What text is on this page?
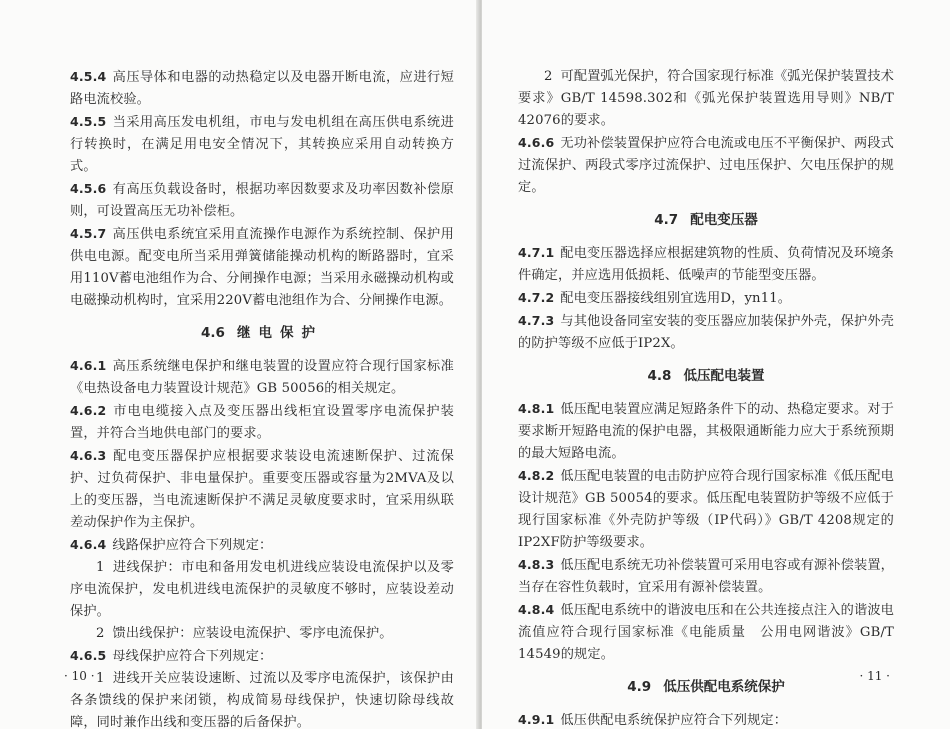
4.5.4 高压导体和电器的动热稳定以及电器开断电流，应进行短路电流校验。

4.5.5 当采用高压发电机组，市电与发电机组在高压供电系统进行转换时，在满足用电安全情况下，其转换应采用自动转换方式。

4.5.6 有高压负载设备时，根据功率因数要求及功率因数补偿原则，可设置高压无功补偿柜。

4.5.7 高压供电系统宜采用直流操作电源作为系统控制、保护用供电电源。配变电所当采用弹簧储能操动机构的断路器时，宜采用110V蓄电池组作为合、分闸操作电源；当采用永磁操动机构或电磁操动机构时，宜采用220V蓄电池组作为合、分闸操作电源。

4.6 继电保护

4.6.1 高压系统继电保护和继电装置的设置应符合现行国家标准《电热设备电力装置设计规范》GB 50056的相关规定。

4.6.2 市电电缆接入点及变压器出线柜宜设置零序电流保护装置，并符合当地供电部门的要求。

4.6.3 配电变压器保护应根据要求装设电流速断保护、过流保护、过负荷保护、非电量保护。重要变压器或容量为2MVA及以上的变压器，当电流速断保护不满足灵敏度要求时，宜采用纵联差动保护作为主保护。

4.6.4 线路保护应符合下列规定：

1 进线保护：市电和备用发电机进线应装设电流保护以及零序电流保护，发电机进线电流保护的灵敏度不够时，应装设差动保护。

2 馈出线保护：应装设电流保护、零序电流保护。

4.6.5 母线保护应符合下列规定：

1 进线开关应装设速断、过流以及零序电流保护，该保护由各条馈线的保护来闭锁，构成简易母线保护，快速切除母线故障，同时兼作出线和变压器的后备保护。

· 10 ·

2 可配置弧光保护，符合国家现行标准《弧光保护装置技术要求》GB/T 14598.302和《弧光保护装置选用导则》NB/T 42076的要求。

4.6.6 无功补偿装置保护应符合电流或电压不平衡保护、两段式过流保护、两段式零序过流保护、过电压保护、欠电压保护的规定。

4.7 配电变压器

4.7.1 配电变压器选择应根据建筑物的性质、负荷情况及环境条件确定，并应选用低损耗、低噪声的节能型变压器。

4.7.2 配电变压器接线组别宜选用D，yn11。

4.7.3 与其他设备同室安装的变压器应加装保护外壳，保护外壳的防护等级不应低于IP2X。

4.8 低压配电装置

4.8.1 低压配电装置应满足短路条件下的动、热稳定要求。对于要求断开短路电流的保护电器，其极限通断能力应大于系统预期的最大短路电流。

4.8.2 低压配电装置的电击防护应符合现行国家标准《低压配电设计规范》GB 50054的要求。低压配电装置防护等级不应低于现行国家标准《外壳防护等级（IP代码）》GB/T 4208规定的IP2XF防护等级要求。

4.8.3 低压配电系统无功补偿装置可采用电容或有源补偿装置，当存在容性负载时，宜采用有源补偿装置。

4.8.4 低压配电系统中的谐波电压和在公共连接点注入的谐波电流值应符合现行国家标准《电能质量　公用电网谐波》GB/T 14549的规定。

4.9 低压供配电系统保护

4.9.1 低压供配电系统保护应符合下列规定：

· 11 ·
